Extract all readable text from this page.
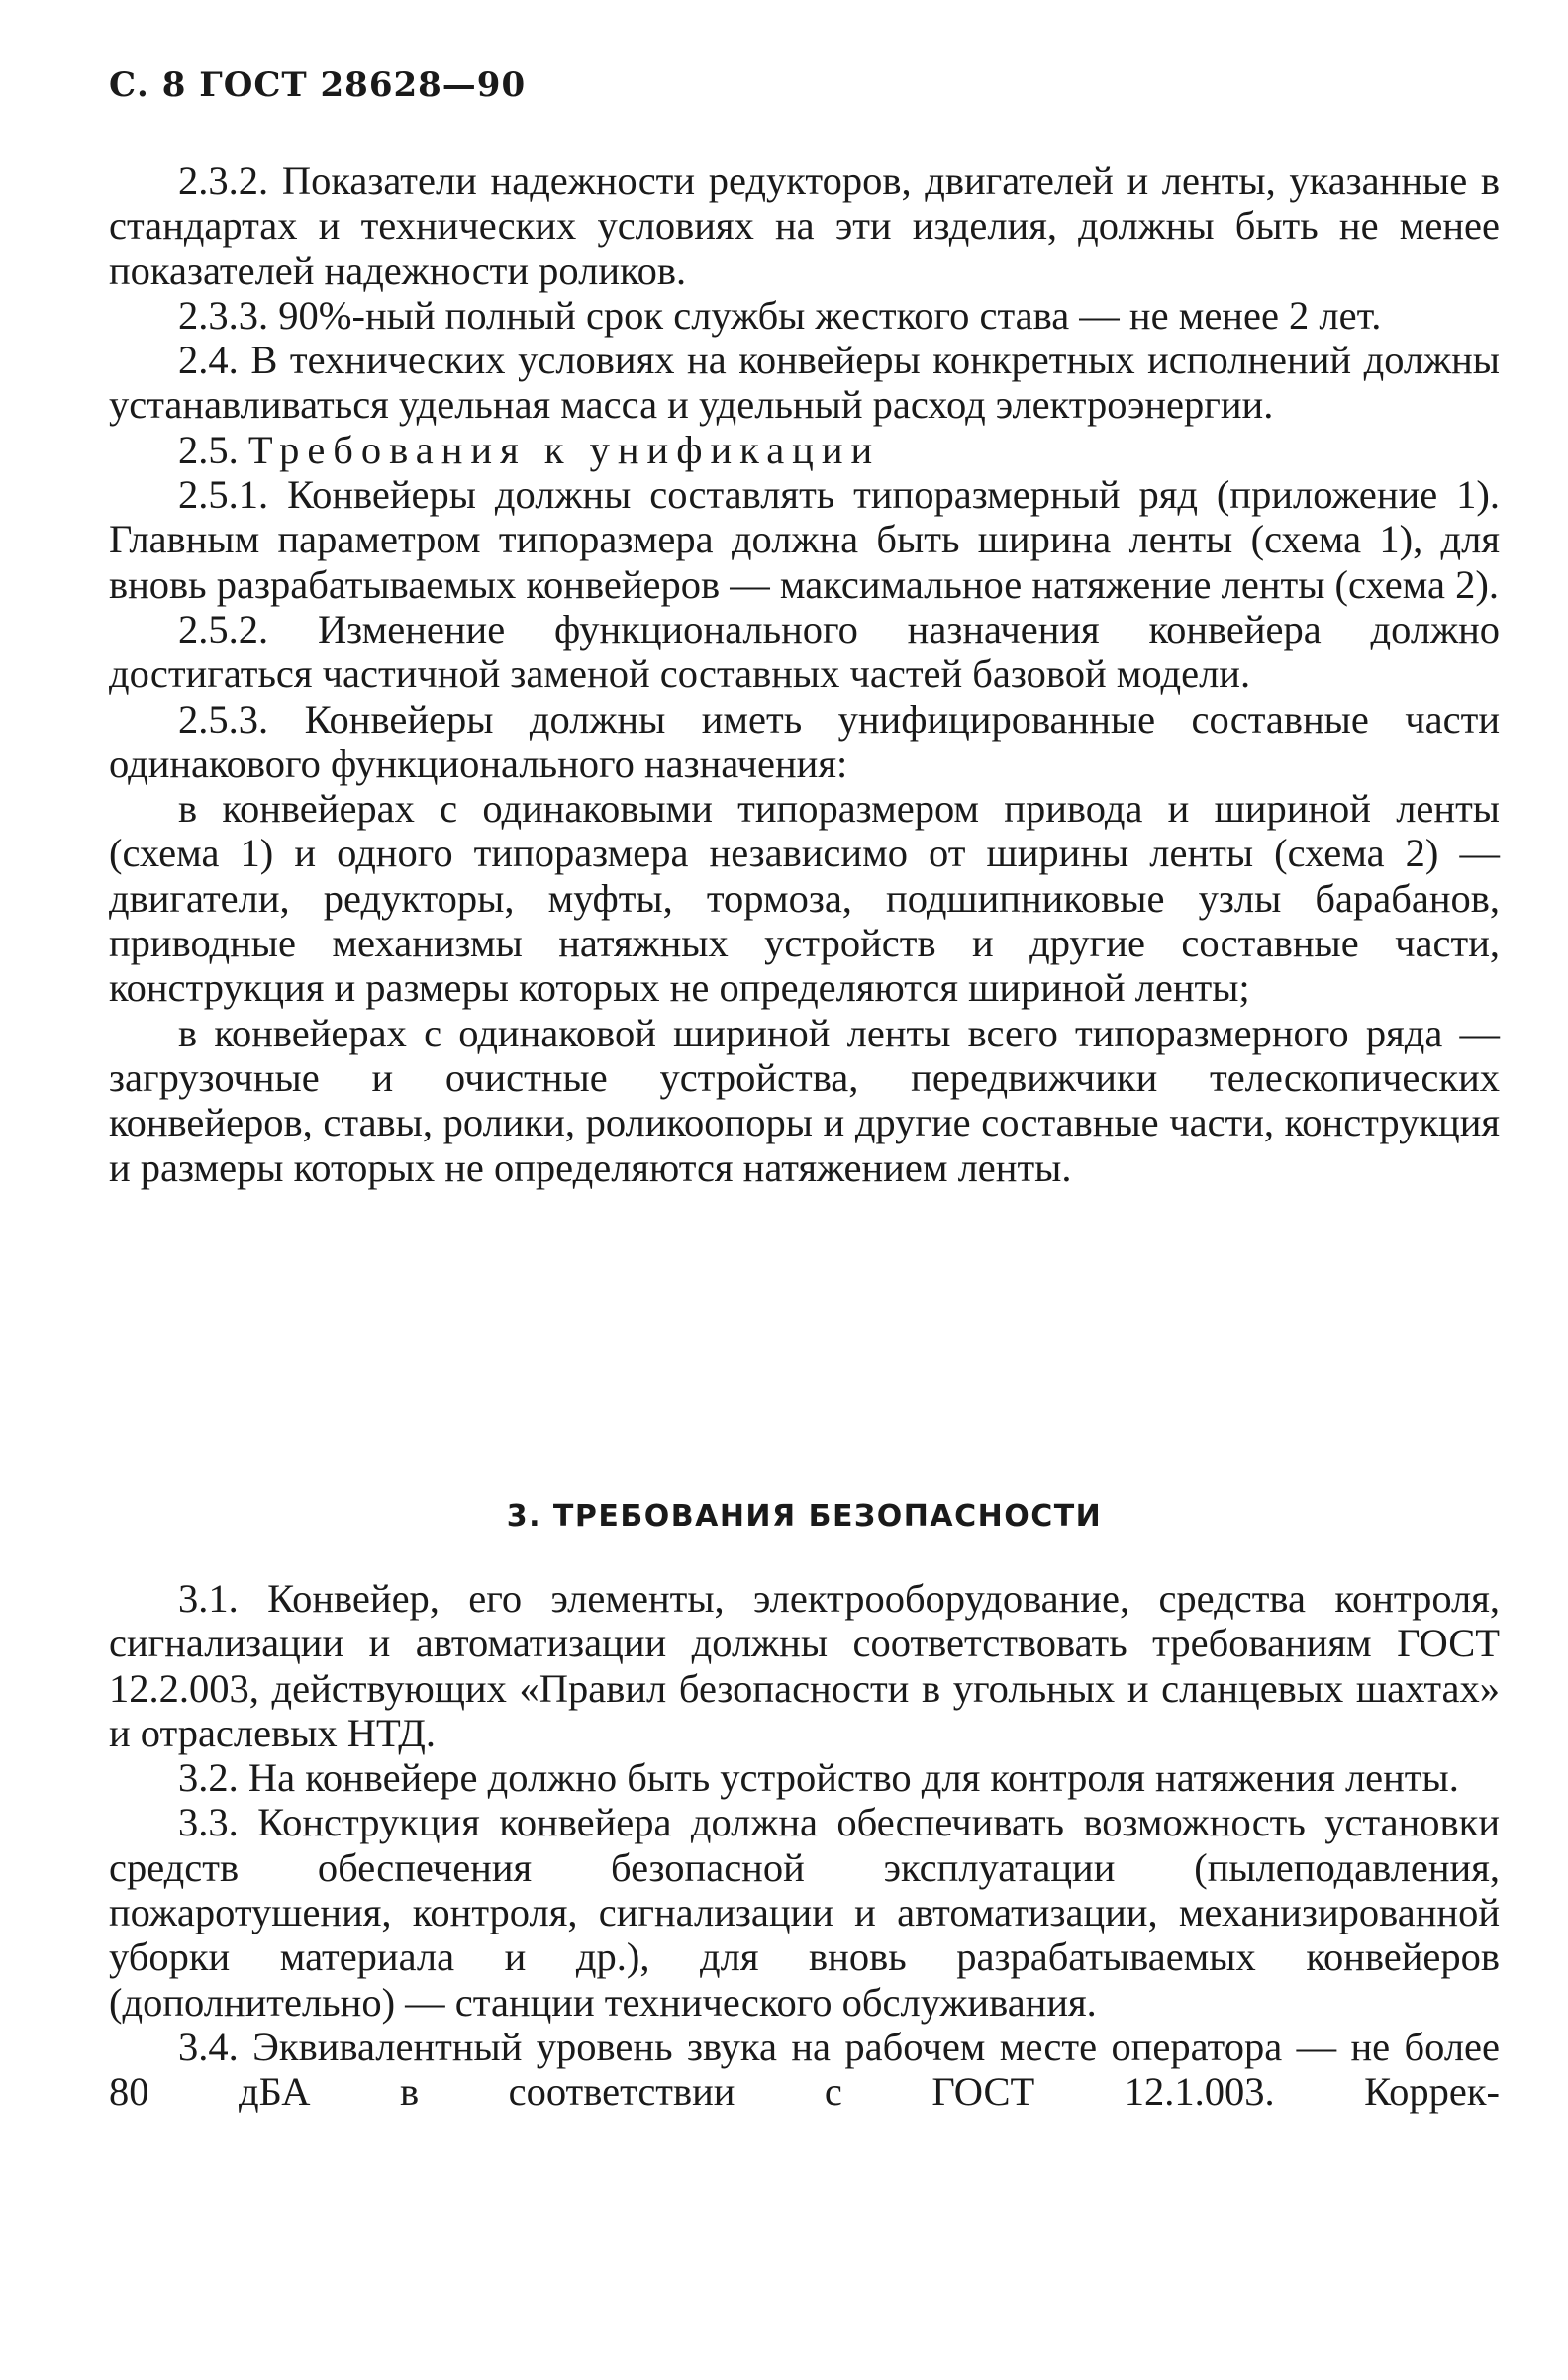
С. 8 ГОСТ 28628—90

2.3.2. Показатели надежности редукторов, двигателей и ленты, указанные в стандартах и технических условиях на эти изделия, должны быть не менее показателей надежности роликов.

2.3.3. 90%-ный полный срок службы жесткого става — не менее 2 лет.

2.4. В технических условиях на конвейеры конкретных исполнений должны устанавливаться удельная масса и удельный расход электроэнергии.

2.5. Требования к унификации

2.5.1. Конвейеры должны составлять типоразмерный ряд (приложение 1). Главным параметром типоразмера должна быть ширина ленты (схема 1), для вновь разрабатываемых конвейеров — максимальное натяжение ленты (схема 2).

2.5.2. Изменение функционального назначения конвейера должно достигаться частичной заменой составных частей базовой модели.

2.5.3. Конвейеры должны иметь унифицированные составные части одинакового функционального назначения:

в конвейерах с одинаковыми типоразмером привода и шириной ленты (схема 1) и одного типоразмера независимо от ширины ленты (схема 2) — двигатели, редукторы, муфты, тормоза, подшипниковые узлы барабанов, приводные механизмы натяжных устройств и другие составные части, конструкция и размеры которых не определяются шириной ленты;

в конвейерах с одинаковой шириной ленты всего типоразмерного ряда — загрузочные и очистные устройства, передвижчики телескопических конвейеров, ставы, ролики, роликоопоры и другие составные части, конструкция и размеры которых не определяются натяжением ленты.

3. ТРЕБОВАНИЯ БЕЗОПАСНОСТИ

3.1. Конвейер, его элементы, электрооборудование, средства контроля, сигнализации и автоматизации должны соответствовать требованиям ГОСТ 12.2.003, действующих «Правил безопасности в угольных и сланцевых шахтах» и отраслевых НТД.

3.2. На конвейере должно быть устройство для контроля натяжения ленты.

3.3. Конструкция конвейера должна обеспечивать возможность установки средств обеспечения безопасной эксплуатации (пылеподавления, пожаротушения, контроля, сигнализации и автоматизации, механизированной уборки материала и др.), для вновь разрабатываемых конвейеров (дополнительно) — станции технического обслуживания.

3.4. Эквивалентный уровень звука на рабочем месте оператора — не более 80 дБА в соответствии с ГОСТ 12.1.003. Коррек-
